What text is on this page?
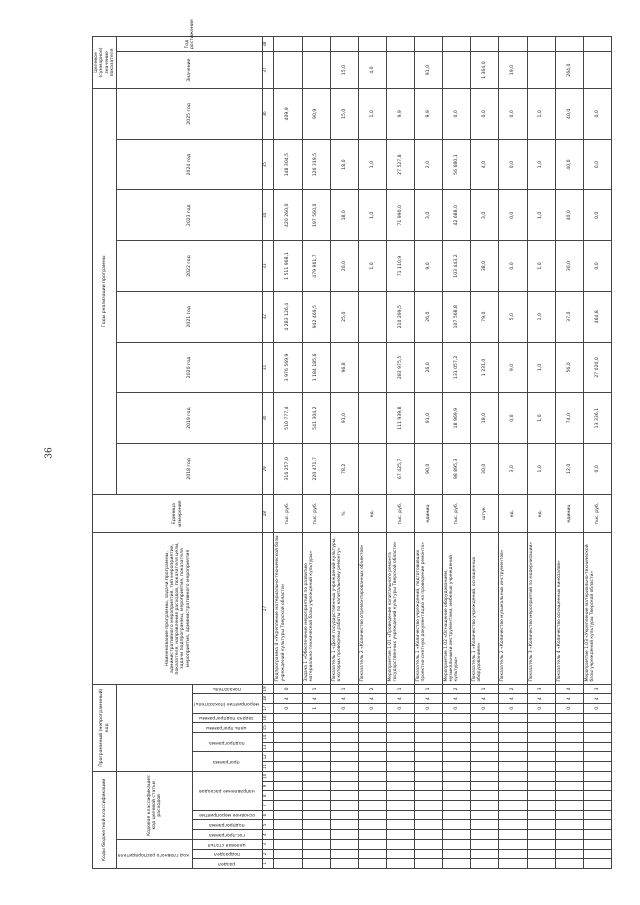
36
Коды бюджетной классификации										Программный (непрограммный) код									Наименование программы, задачи программы, административного мероприятия, тип мероприятия, показателя, направления расходов, показателя цели, задачи подпрограммы, мероприятия, показателя мероприятия, административного мероприятия	Единица измерения	Годы реализации программы								Целевое (суммарное) значение показателя	
код главного распорядителя			Кодовая классификация: код целевой статьи расходов																		2018 год	2019 год	2020 год	2021 год	2022 год	2023 год	2024 год	2025 год	Значение	Год достижения
раздел	подраздел	целевая статья	гос.программа	подпрограмма	основное мероприятие	направление расходов				программа		подпрограмма		цель программы	задача подпрограммы	мероприятие (показатель)		показатель												
1	2	3	4	5	6	7	8	9	10	11	12	13	14	15	16	17	18	19	27	28	29	30	31	32	33	34	35	36	37	38
																0	4	0	Подпрограмма 4 «Укрепление материально-технической базы учреждений культуры Тверской области»	тыс. руб.	316 257,0	510 777,4	3 976 569,9	4 283 126,4	1 511 968,1	420 260,0	148 304,5	409,9		
																1	4	1	Задача 1 «Обеспечение мероприятий по развитию материально-технической базы учреждений культуры»	тыс. руб.	220 471,7	541 304,2	1 184 185,6	942 469,5	479 961,7	197 560,0	126 319,5	90,9		
																0	4	1	Показатель 1 «Доля государственных учреждений культуры, в которых проведены работы по капитальному ремонту»	%	78,2	91,0	96,8	25,0	20,0	18,0	18,0	15,0	15,0	
																0	4	2	Показатель 2 «Количество отремонтированных объектов»	ед.					1,0	1,0	1,0	1,0	4,0	
																0	4	1	Мероприятие 1.01 «Проведение капитального ремонта государственных учреждений культуры Тверской области»	тыс. руб.	67 425,7	111 939,8	283 975,5	210 299,5	71 110,9	71 990,0	27 527,8	9,9		
																0	4	1	Показатель 1 «Количество учреждений, подготовивших проектно-сметную документацию на проведение ремонта»	единиц	90,0	91,0	26,0	26,0	9,0	3,0	2,0	9,9	91,0	
																0	4	2	Мероприятие 1.02 «Оснащение оборудованием, музыкальными инструментами, мебелью учреждений культуры»	тыс. руб.	98 895,3	18 969,9	131 057,2	107 568,8	103 443,2	42 688,0	56 680,1	0,0		
																0	4	1	Показатель 1 «Количество учреждений, оснащенных оборудованием»	штук	30,0	18,0	1 231,0	79,0	38,0	3,0	4,0	0,0	1 364,0	
																0	4	2	Показатель 2 «Количество музыкальных инструментов»	ед.	3,0	0,0	9,0	5,0	0,0	0,0	0,0	0,0	19,0	
																0	4	3	Показатель 3 «Количество мероприятий по модернизации»	ед.	1,0	1,0	1,0	1,0	1,0	1,0	1,0	1,0		
																0	4	4	Показатель 4 «Количество оснащенных кинозалов»	единиц	12,0	74,0	56,0	37,0	30,0	40,0	40,0	40,0	264,0	
																0	4	3	Мероприятие 1.03 «Укрепление материально-технической базы учреждений культуры Тверской области»	тыс. руб.	0,0	13 336,1	27 020,0	464,8	0,0	0,0	0,0	0,0		
